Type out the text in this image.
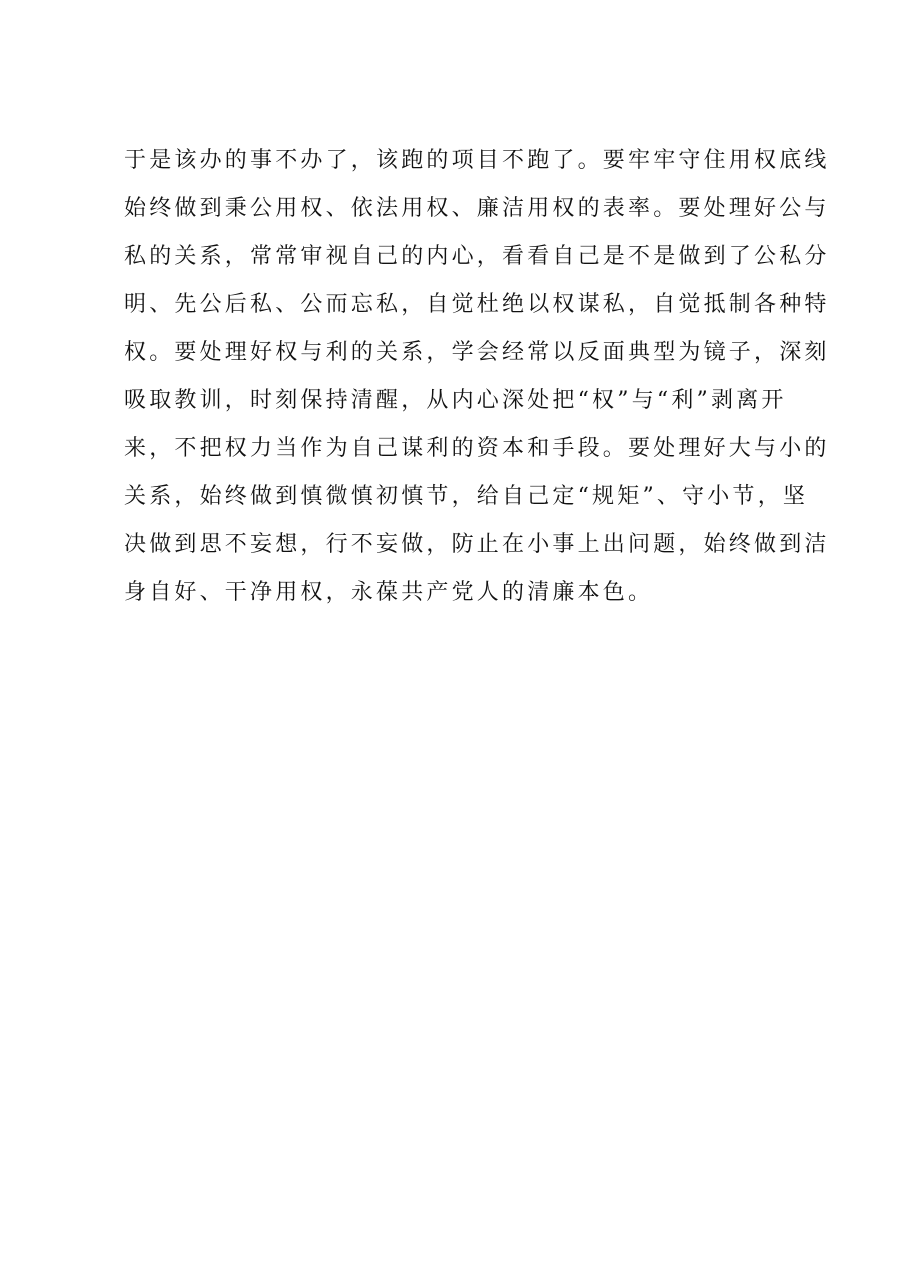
于是该办的事不办了，该跑的项目不跑了。要牢牢守住用权底线
始终做到秉公用权、依法用权、廉洁用权的表率。要处理好公与
私的关系，常常审视自己的内心，看看自己是不是做到了公私分
明、先公后私、公而忘私，自觉杜绝以权谋私，自觉抵制各种特
权。要处理好权与利的关系，学会经常以反面典型为镜子，深刻
吸取教训，时刻保持清醒，从内心深处把“权”与“利”剥离开
来，不把权力当作为自己谋利的资本和手段。要处理好大与小的
关系，始终做到慎微慎初慎节，给自己定“规矩”、守小节，坚
决做到思不妄想，行不妄做，防止在小事上出问题，始终做到洁
身自好、干净用权，永葆共产党人的清廉本色。
